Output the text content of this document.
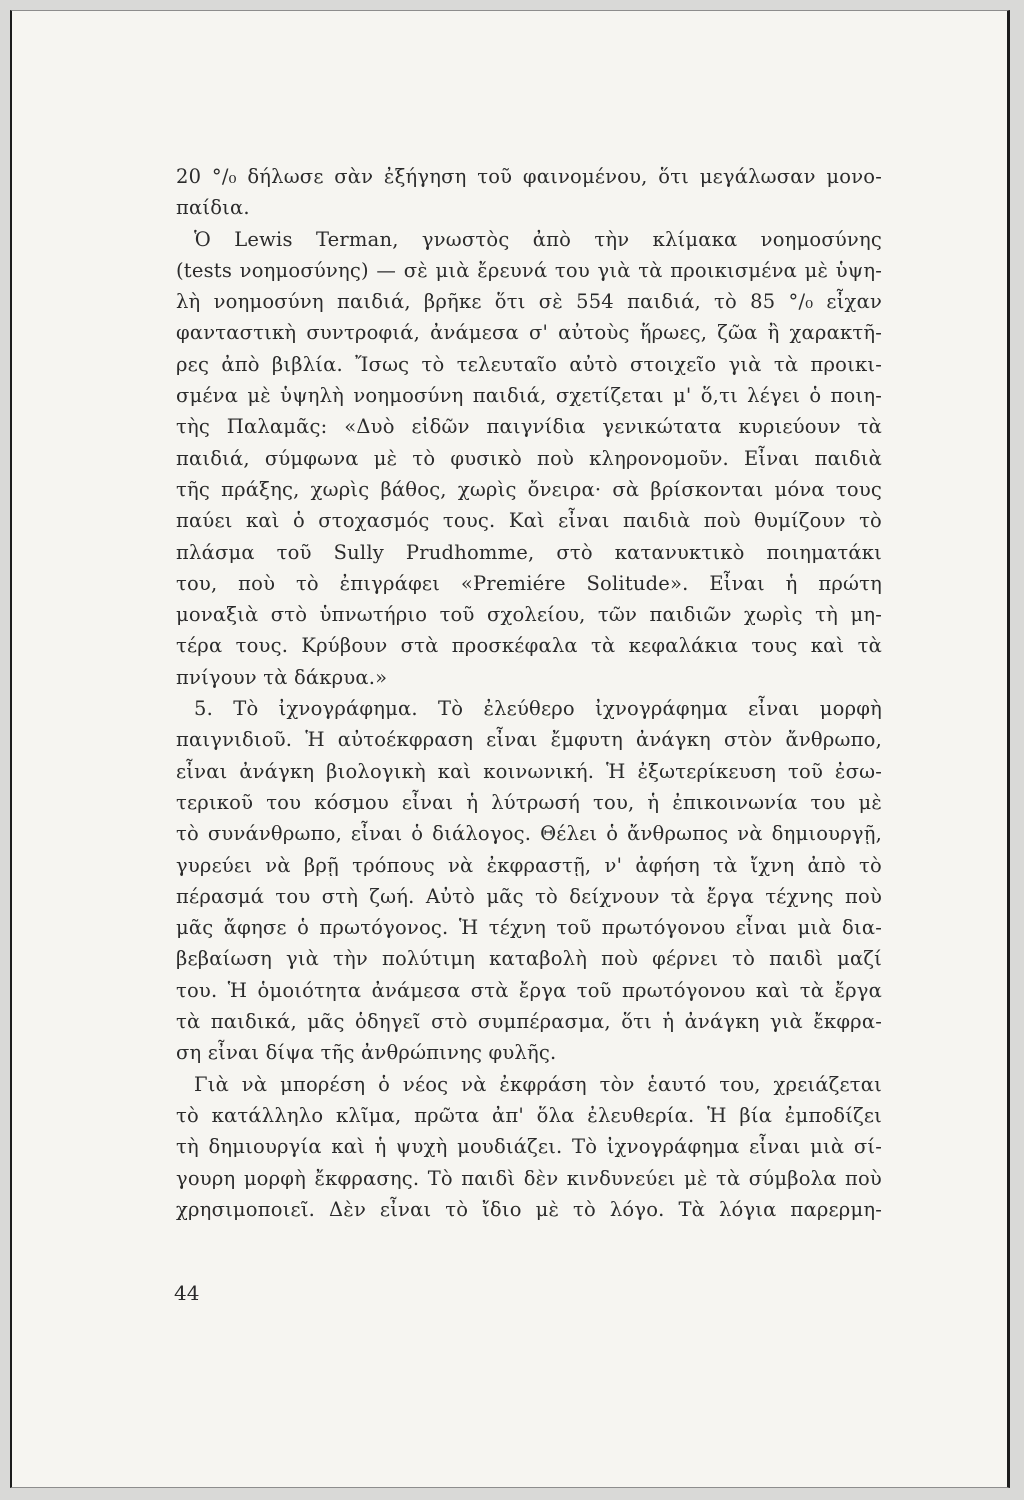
20 °/₀ δήλωσε σὰν ἐξήγηση τοῦ φαινομένου, ὅτι μεγάλωσαν μονο-
παίδια.
Ὁ Lewis Terman, γνωστὸς ἀπὸ τὴν κλίμακα νοημοσύνης
(tests νοημοσύνης) — σὲ μιὰ ἔρευνά του γιὰ τὰ προικισμένα μὲ ὑψη-
λὴ νοημοσύνη παιδιά, βρῆκε ὅτι σὲ 554 παιδιά, τὸ 85 °/₀ εἶχαν
φανταστικὴ συντροφιά, ἀνάμεσα σ' αὐτοὺς ἥρωες, ζῶα ἢ χαρακτῆ-
ρες ἀπὸ βιβλία. Ἴσως τὸ τελευταῖο αὐτὸ στοιχεῖο γιὰ τὰ προικι-
σμένα μὲ ὑψηλὴ νοημοσύνη παιδιά, σχετίζεται μ' ὅ,τι λέγει ὁ ποιη-
τὴς Παλαμᾶς: «Δυὸ εἰδῶν παιγνίδια γενικώτατα κυριεύουν τὰ
παιδιά, σύμφωνα μὲ τὸ φυσικὸ ποὺ κληρονομοῦν. Εἶναι παιδιὰ
τῆς πράξης, χωρὶς βάθος, χωρὶς ὄνειρα· σὰ βρίσκονται μόνα τους
παύει καὶ ὁ στοχασμός τους. Καὶ εἶναι παιδιὰ ποὺ θυμίζουν τὸ
πλάσμα τοῦ Sully Prudhomme, στὸ κατανυκτικὸ ποιηματάκι
του, ποὺ τὸ ἐπιγράφει «Premiére Solitude». Εἶναι ἡ πρώτη
μοναξιὰ στὸ ὑπνωτήριο τοῦ σχολείου, τῶν παιδιῶν χωρὶς τὴ μη-
τέρα τους. Κρύβουν στὰ προσκέφαλα τὰ κεφαλάκια τους καὶ τὰ
πνίγουν τὰ δάκρυα.»
5. Τὸ ἰχνογράφημα. Τὸ ἐλεύθερο ἰχνογράφημα εἶναι μορφὴ
παιγνιδιοῦ. Ἡ αὐτοέκφραση εἶναι ἔμφυτη ἀνάγκη στὸν ἄνθρωπο,
εἶναι ἀνάγκη βιολογικὴ καὶ κοινωνική. Ἡ ἐξωτερίκευση τοῦ ἐσω-
τερικοῦ του κόσμου εἶναι ἡ λύτρωσή του, ἡ ἐπικοινωνία του μὲ
τὸ συνάνθρωπο, εἶναι ὁ διάλογος. Θέλει ὁ ἄνθρωπος νὰ δημιουργῇ,
γυρεύει νὰ βρῇ τρόπους νὰ ἐκφραστῇ, ν' ἀφήση τὰ ἴχνη ἀπὸ τὸ
πέρασμά του στὴ ζωή. Αὐτὸ μᾶς τὸ δείχνουν τὰ ἔργα τέχνης ποὺ
μᾶς ἄφησε ὁ πρωτόγονος. Ἡ τέχνη τοῦ πρωτόγονου εἶναι μιὰ δια-
βεβαίωση γιὰ τὴν πολύτιμη καταβολὴ ποὺ φέρνει τὸ παιδὶ μαζί
του. Ἡ ὁμοιότητα ἀνάμεσα στὰ ἔργα τοῦ πρωτόγονου καὶ τὰ ἔργα
τὰ παιδικά, μᾶς ὁδηγεῖ στὸ συμπέρασμα, ὅτι ἡ ἀνάγκη γιὰ ἔκφρα-
ση εἶναι δίψα τῆς ἀνθρώπινης φυλῆς.
Γιὰ νὰ μπορέση ὁ νέος νὰ ἐκφράση τὸν ἑαυτό του, χρειάζεται
τὸ κατάλληλο κλῖμα, πρῶτα ἀπ' ὅλα ἐλευθερία. Ἡ βία ἐμποδίζει
τὴ δημιουργία καὶ ἡ ψυχὴ μουδιάζει. Τὸ ἰχνογράφημα εἶναι μιὰ σί-
γουρη μορφὴ ἔκφρασης. Τὸ παιδὶ δὲν κινδυνεύει μὲ τὰ σύμβολα ποὺ
χρησιμοποιεῖ. Δὲν εἶναι τὸ ἴδιο μὲ τὸ λόγο. Τὰ λόγια παρερμη-
44
